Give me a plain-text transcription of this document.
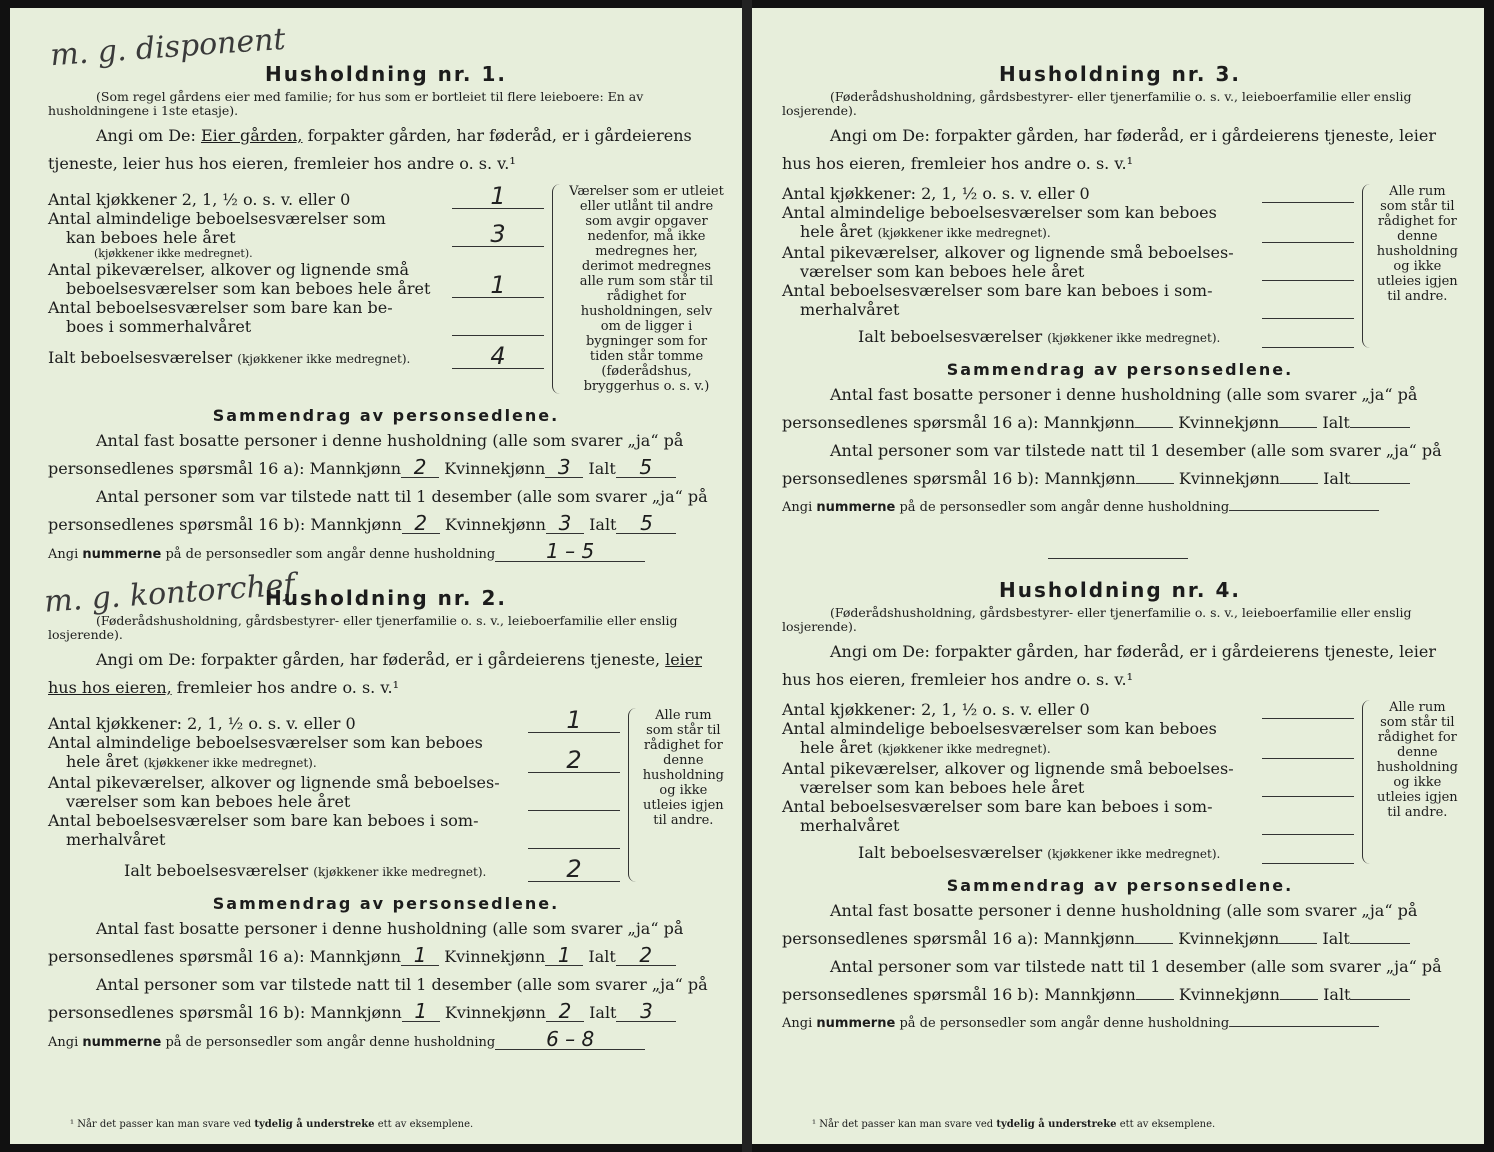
m. g. disponent
Husholdning nr. 1.

(Som regel gårdens eier med familie; for hus som er bortleiet til flere leieboere: En av husholdningene i 1ste etasje).

Angi om De: Eier gården, forpakter gården, har føderåd, er i gårdeierens tjeneste, leier hus hos eieren, fremleier hos andre o. s. v.¹

Antal kjøkkener 2, 1, ½ o. s. v. eller 0	1
Antal almindelige beboelsesværelser som
kan beboes hele året	3
(kjøkkener ikke medregnet).
Antal pikeværelser, alkover og lignende små
beboelsesværelser som kan beboes hele året	1
Antal beboelsesværelser som bare kan be-
boes i sommerhalvåret
Ialt beboelsesværelser (kjøkkener ikke medregnet).	4
Værelser som er utleiet eller utlånt til andre som avgir opgaver nedenfor, må ikke medregnes her, derimot medregnes alle rum som står til rådighet for husholdningen, selv om de ligger i bygninger som for tiden står tomme (føderådshus, bryggerhus o. s. v.)
Sammendrag av personsedlene.

Antal fast bosatte personer i denne husholdning (alle som svarer „ja“ på

personsedlenes spørsmål 16 a): Mannkjønn 2 Kvinnekjønn 3 Ialt 5

Antal personer som var tilstede natt til 1 desember (alle som svarer „ja“ på

personsedlenes spørsmål 16 b): Mannkjønn 2 Kvinnekjønn 3 Ialt 5

Angi nummerne på de personsedler som angår denne husholdning	1 – 5

m. g. kontorchef
Husholdning nr. 2.

(Føderådshusholdning, gårdsbestyrer- eller tjenerfamilie o. s. v., leieboerfamilie eller enslig losjerende).

Angi om De: forpakter gården, har føderåd, er i gårdeierens tjeneste, leier hus hos eieren, fremleier hos andre o. s. v.¹

Antal kjøkkener: 2, 1, ½ o. s. v. eller 0	1
Antal almindelige beboelsesværelser som kan beboes
hele året (kjøkkener ikke medregnet).	2
Antal pikeværelser, alkover og lignende små beboelses-
værelser som kan beboes hele året
Antal beboelsesværelser som bare kan beboes i som-
merhalvåret
Ialt beboelsesværelser (kjøkkener ikke medregnet).	2
Alle rum som står til rådighet for denne husholdning og ikke utleies igjen til andre.
Sammendrag av personsedlene.

Antal fast bosatte personer i denne husholdning (alle som svarer „ja“ på

personsedlenes spørsmål 16 a): Mannkjønn 1 Kvinnekjønn 1 Ialt 2

Antal personer som var tilstede natt til 1 desember (alle som svarer „ja“ på

personsedlenes spørsmål 16 b): Mannkjønn 1 Kvinnekjønn 2 Ialt 3

Angi nummerne på de personsedler som angår denne husholdning	6 – 8

¹ Når det passer kan man svare ved tydelig å understreke ett av eksemplene.
Husholdning nr. 3.

(Føderådshusholdning, gårdsbestyrer- eller tjenerfamilie o. s. v., leieboerfamilie eller enslig losjerende).

Angi om De: forpakter gården, har føderåd, er i gårdeierens tjeneste, leier hus hos eieren, fremleier hos andre o. s. v.¹

Antal kjøkkener: 2, 1, ½ o. s. v. eller 0
Antal almindelige beboelsesværelser som kan beboes
hele året (kjøkkener ikke medregnet).
Antal pikeværelser, alkover og lignende små beboelses-
værelser som kan beboes hele året
Antal beboelsesværelser som bare kan beboes i som-
merhalvåret
Ialt beboelsesværelser (kjøkkener ikke medregnet).
Alle rum som står til rådighet for denne husholdning og ikke utleies igjen til andre.
Sammendrag av personsedlene.

Antal fast bosatte personer i denne husholdning (alle som svarer „ja“ på

personsedlenes spørsmål 16 a): Mannkjønn	Kvinnekjønn	Ialt

Antal personer som var tilstede natt til 1 desember (alle som svarer „ja“ på

personsedlenes spørsmål 16 b): Mannkjønn	Kvinnekjønn	Ialt

Angi nummerne på de personsedler som angår denne husholdning

Husholdning nr. 4.

(Føderådshusholdning, gårdsbestyrer- eller tjenerfamilie o. s. v., leieboerfamilie eller enslig losjerende).

Angi om De: forpakter gården, har føderåd, er i gårdeierens tjeneste, leier hus hos eieren, fremleier hos andre o. s. v.¹

Antal kjøkkener: 2, 1, ½ o. s. v. eller 0
Antal almindelige beboelsesværelser som kan beboes
hele året (kjøkkener ikke medregnet).
Antal pikeværelser, alkover og lignende små beboelses-
værelser som kan beboes hele året
Antal beboelsesværelser som bare kan beboes i som-
merhalvåret
Ialt beboelsesværelser (kjøkkener ikke medregnet).
Alle rum som står til rådighet for denne husholdning og ikke utleies igjen til andre.
Sammendrag av personsedlene.

Antal fast bosatte personer i denne husholdning (alle som svarer „ja“ på

personsedlenes spørsmål 16 a): Mannkjønn	Kvinnekjønn	Ialt

Antal personer som var tilstede natt til 1 desember (alle som svarer „ja“ på

personsedlenes spørsmål 16 b): Mannkjønn	Kvinnekjønn	Ialt

Angi nummerne på de personsedler som angår denne husholdning

¹ Når det passer kan man svare ved tydelig å understreke ett av eksemplene.
